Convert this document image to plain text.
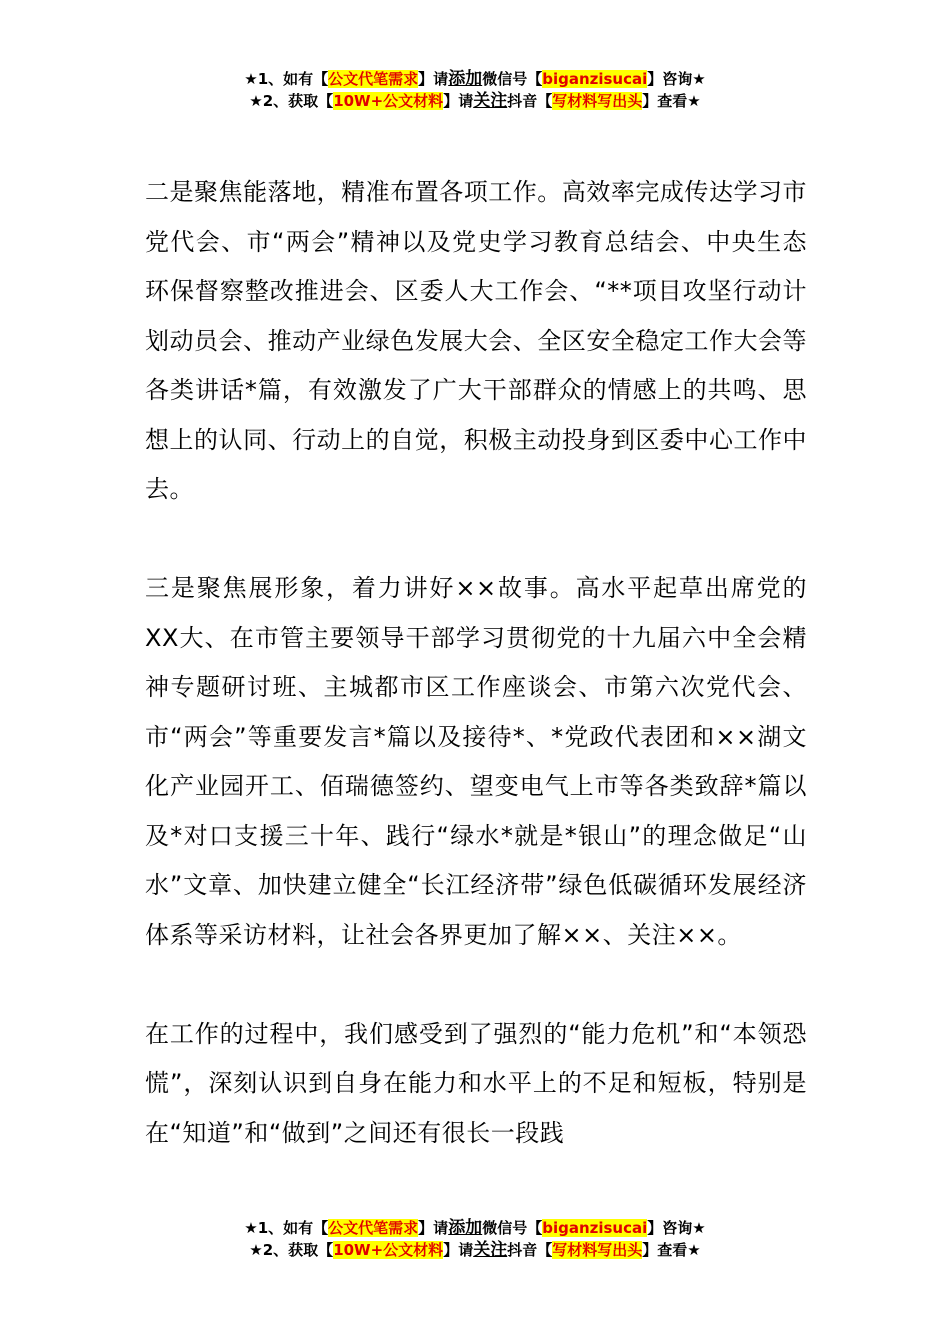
★1、如有【公文代笔需求】请添加微信号【biganzisucai】咨询★
★2、获取【10W+公文材料】请关注抖音【写材料写出头】查看★

二是聚焦能落地，精准布置各项工作。高效率完成传达学习市党代会、市“两会”精神以及党史学习教育总结会、中央生态环保督察整改推进会、区委人大工作会、“**项目攻坚行动计划动员会、推动产业绿色发展大会、全区安全稳定工作大会等各类讲话*篇，有效激发了广大干部群众的情感上的共鸣、思想上的认同、行动上的自觉，积极主动投身到区委中心工作中去。

三是聚焦展形象，着力讲好××故事。高水平起草出席党的XX大、在市管主要领导干部学习贯彻党的十九届六中全会精神专题研讨班、主城都市区工作座谈会、市第六次党代会、市“两会”等重要发言*篇以及接待*、*党政代表团和××湖文化产业园开工、佰瑞德签约、望变电气上市等各类致辞*篇以及*对口支援三十年、践行“绿水*就是*银山”的理念做足“山水”文章、加快建立健全“长江经济带”绿色低碳循环发展经济体系等采访材料，让社会各界更加了解××、关注××。

在工作的过程中，我们感受到了强烈的“能力危机”和“本领恐慌”，深刻认识到自身在能力和水平上的不足和短板，特别是在“知道”和“做到”之间还有很长一段践

★1、如有【公文代笔需求】请添加微信号【biganzisucai】咨询★
★2、获取【10W+公文材料】请关注抖音【写材料写出头】查看★
